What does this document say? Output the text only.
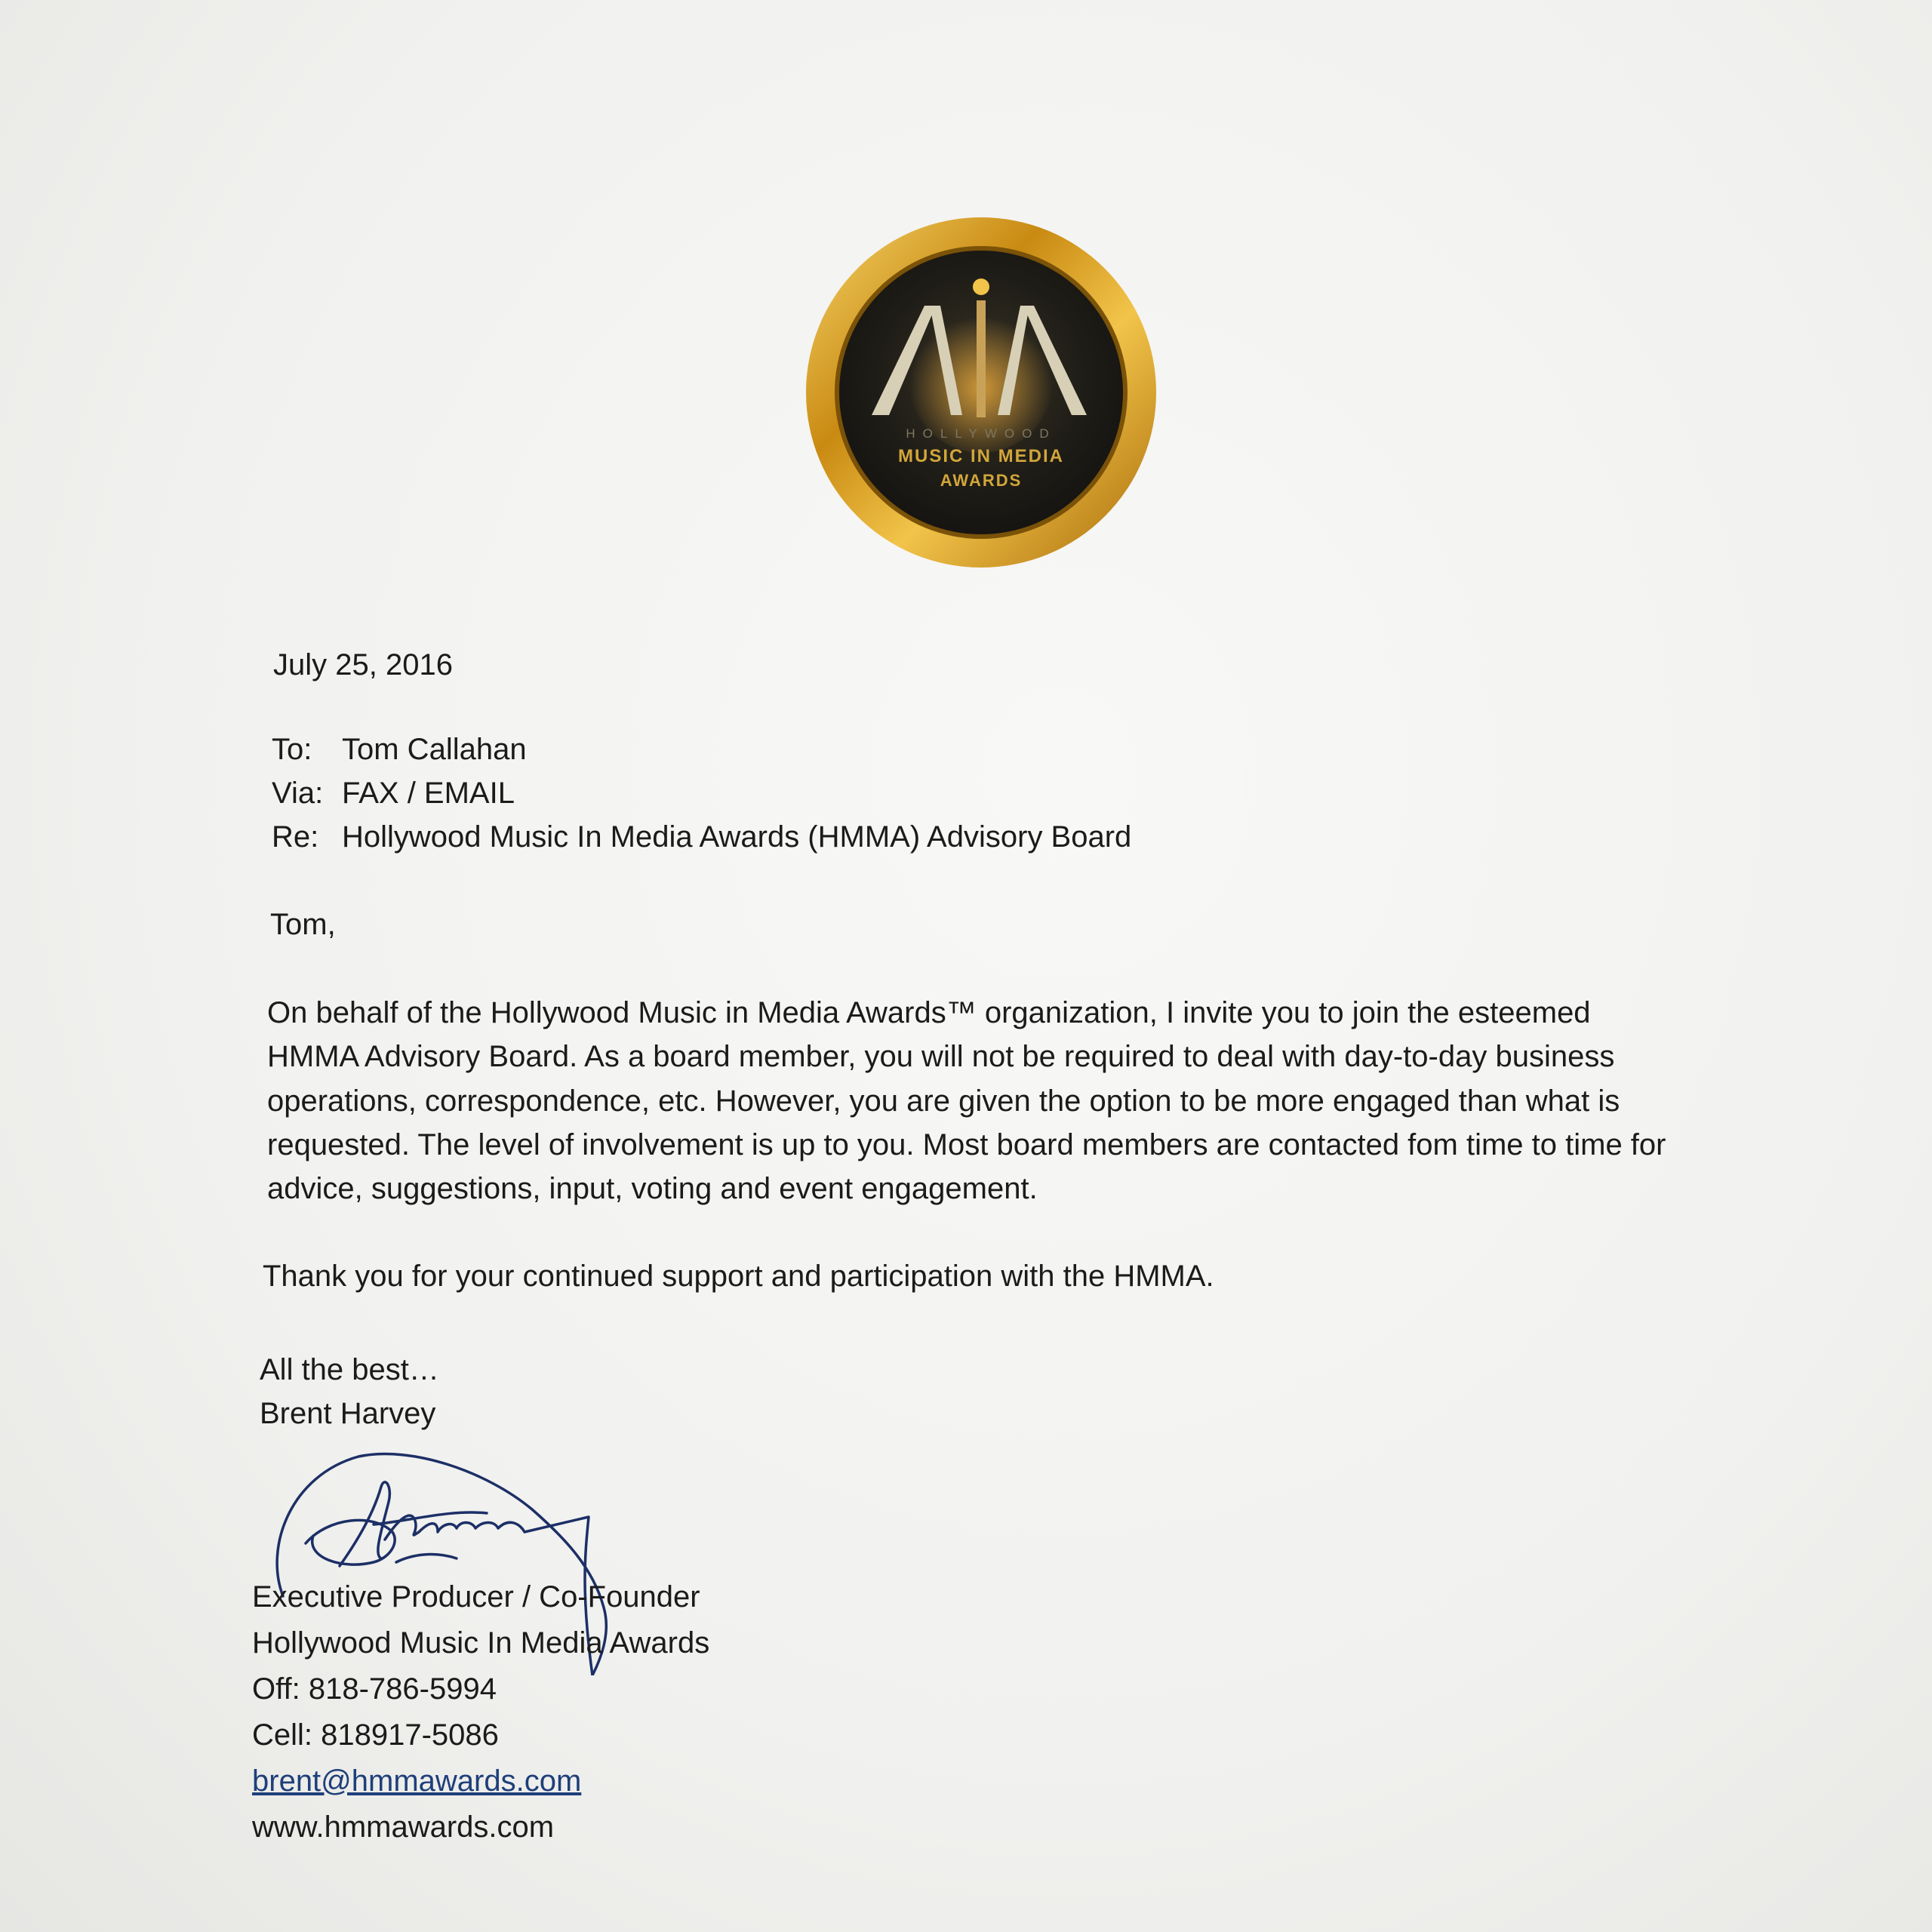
HOLLYWOOD
MUSIC IN MEDIA
AWARDS
July 25, 2016
To: Tom Callahan
Via: FAX / EMAIL
Re: Hollywood Music In Media Awards (HMMA) Advisory Board
Tom,
On behalf of the Hollywood Music in Media Awards™ organization, I invite you to join the esteemed HMMA Advisory Board. As a board member, you will not be required to deal with day-to-day business operations, correspondence, etc. However, you are given the option to be more engaged than what is requested. The level of involvement is up to you. Most board members are contacted fom time to time for advice, suggestions, input, voting and event engagement.
Thank you for your continued support and participation with the HMMA.
All the best…
Brent Harvey
Executive Producer / Co-Founder
Hollywood Music In Media Awards
Off: 818-786-5994
Cell: 818917-5086
brent@hmmawards.com
www.hmmawards.com
